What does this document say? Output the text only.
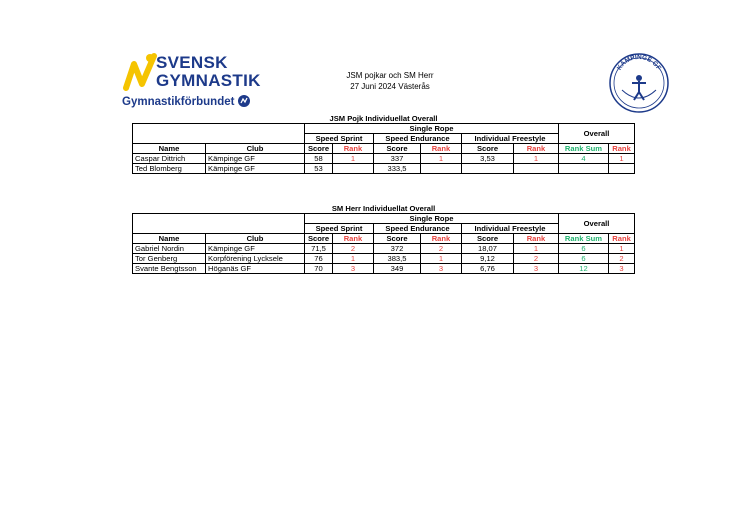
SVENSK
GYMNASTIK
Gymnastikförbundet
JSM pojkar och SM Herr
27 Juni 2024 Västerås
KÄMPINGE GF
JSM Pojk Individuellat Overall									
		Single Rope						Overall	
		Speed Sprint		Speed Endurance		Individual Freestyle			
Name	Club	Score	Rank	Score	Rank	Score	Rank	Rank Sum	Rank
Caspar Dittrich	Kämpinge GF	58	1	337	1	3,53	1	4	1
Ted Blomberg	Kämpinge GF	53		333,5					
SM Herr Individuellat Overall									
		Single Rope						Overall	
		Speed Sprint		Speed Endurance		Individual Freestyle			
Name	Club	Score	Rank	Score	Rank	Score	Rank	Rank Sum	Rank
Gabriel Nordin	Kämpinge GF	71,5	2	372	2	18,07	1	6	1
Tor Genberg	Korpförening Lycksele	76	1	383,5	1	9,12	2	6	2
Svante Bengtsson	Höganäs GF	70	3	349	3	6,76	3	12	3
